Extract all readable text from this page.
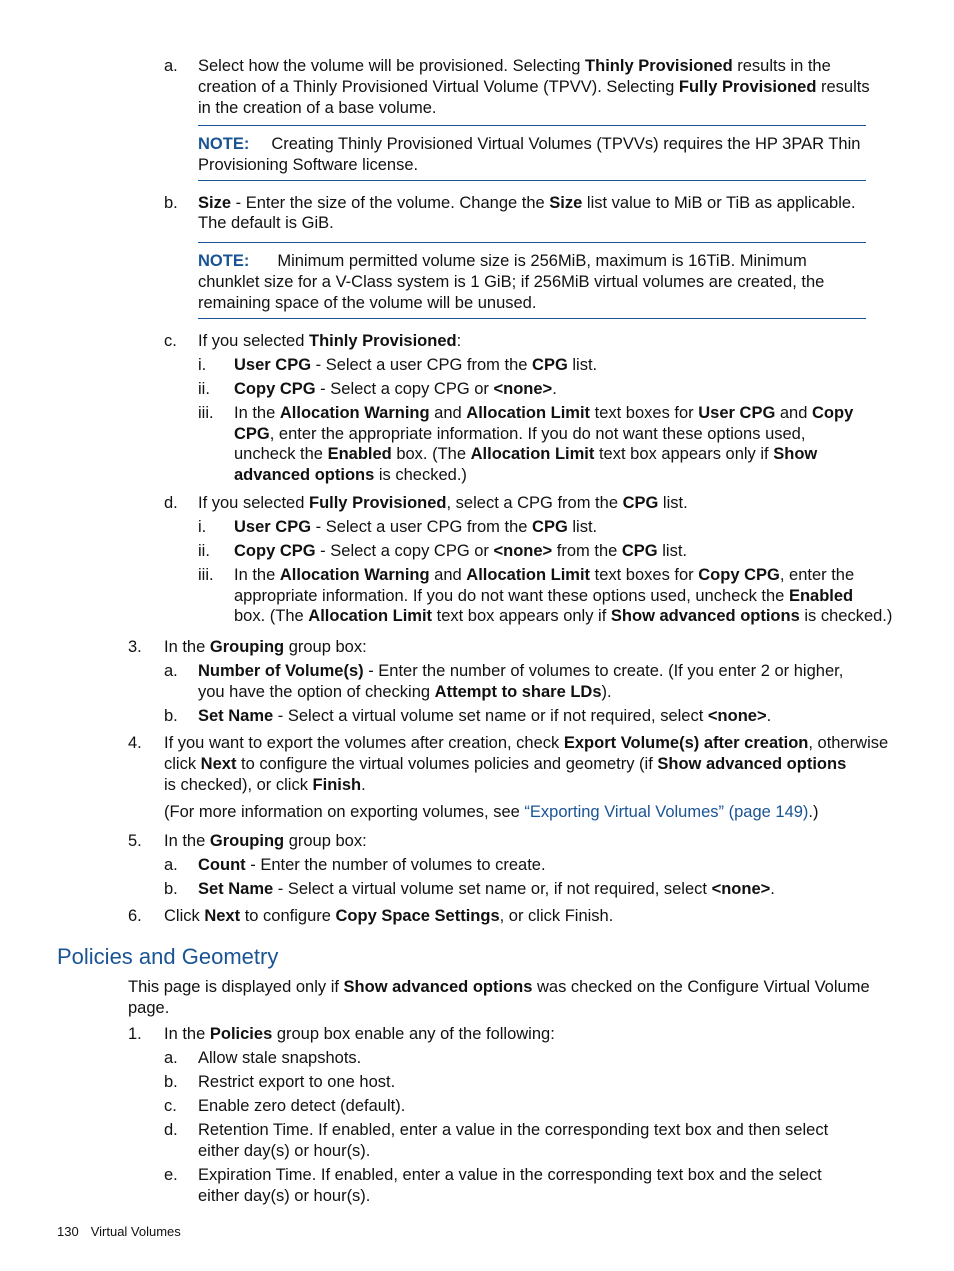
a. Select how the volume will be provisioned. Selecting Thinly Provisioned results in the
creation of a Thinly Provisioned Virtual Volume (TPVV). Selecting Fully Provisioned results
in the creation of a base volume.
NOTE: Creating Thinly Provisioned Virtual Volumes (TPVVs) requires the HP 3PAR Thin
Provisioning Software license.
b. Size - Enter the size of the volume. Change the Size list value to MiB or TiB as applicable.
The default is GiB.
NOTE: Minimum permitted volume size is 256MiB, maximum is 16TiB. Minimum
chunklet size for a V-Class system is 1 GiB; if 256MiB virtual volumes are created, the
remaining space of the volume will be unused.
c. If you selected Thinly Provisioned:
i. User CPG - Select a user CPG from the CPG list.
ii. Copy CPG - Select a copy CPG or <none>.
iii. In the Allocation Warning and Allocation Limit text boxes for User CPG and Copy
CPG, enter the appropriate information. If you do not want these options used,
uncheck the Enabled box. (The Allocation Limit text box appears only if Show
advanced options is checked.)
d. If you selected Fully Provisioned, select a CPG from the CPG list.
i. User CPG - Select a user CPG from the CPG list.
ii. Copy CPG - Select a copy CPG or <none> from the CPG list.
iii. In the Allocation Warning and Allocation Limit text boxes for Copy CPG, enter the
appropriate information. If you do not want these options used, uncheck the Enabled
box. (The Allocation Limit text box appears only if Show advanced options is checked.)
3. In the Grouping group box:
a. Number of Volume(s) - Enter the number of volumes to create. (If you enter 2 or higher,
you have the option of checking Attempt to share LDs).
b. Set Name - Select a virtual volume set name or if not required, select <none>.
4. If you want to export the volumes after creation, check Export Volume(s) after creation, otherwise
click Next to configure the virtual volumes policies and geometry (if Show advanced options
is checked), or click Finish.
(For more information on exporting volumes, see “Exporting Virtual Volumes” (page 149).)
5. In the Grouping group box:
a. Count - Enter the number of volumes to create.
b. Set Name - Select a virtual volume set name or, if not required, select <none>.
6. Click Next to configure Copy Space Settings, or click Finish.
Policies and Geometry
This page is displayed only if Show advanced options was checked on the Configure Virtual Volume
page.
1. In the Policies group box enable any of the following:
a. Allow stale snapshots.
b. Restrict export to one host.
c. Enable zero detect (default).
d. Retention Time. If enabled, enter a value in the corresponding text box and then select
either day(s) or hour(s).
e. Expiration Time. If enabled, enter a value in the corresponding text box and the select
either day(s) or hour(s).
130 Virtual Volumes
